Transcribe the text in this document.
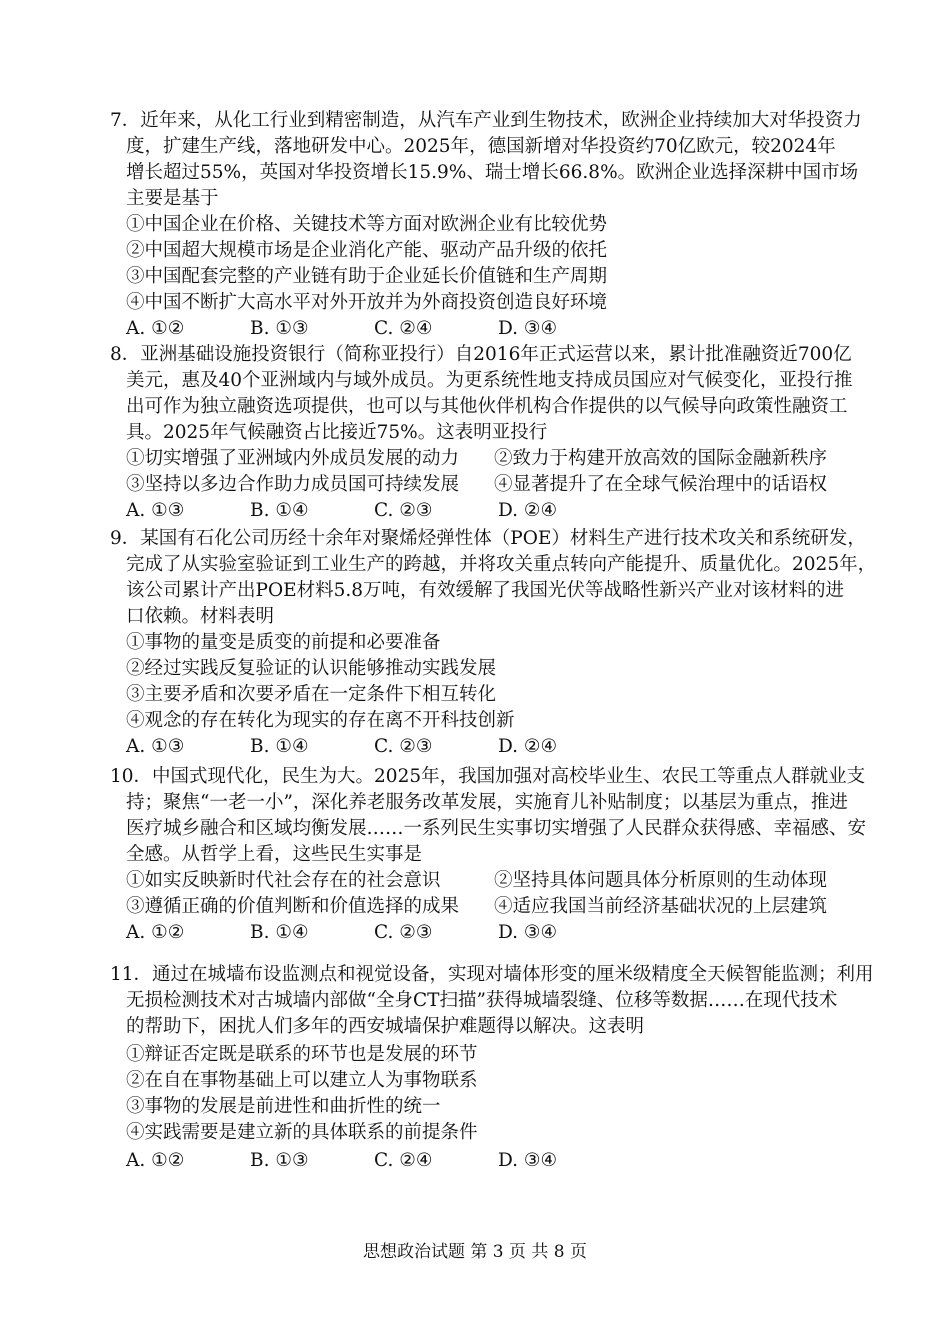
7．近年来，从化工行业到精密制造，从汽车产业到生物技术，欧洲企业持续加大对华投资力
度，扩建生产线，落地研发中心。2025年，德国新增对华投资约70亿欧元，较2024年
增长超过55%，英国对华投资增长15.9%、瑞士增长66.8%。欧洲企业选择深耕中国市场
主要是基于
①中国企业在价格、关键技术等方面对欧洲企业有比较优势
②中国超大规模市场是企业消化产能、驱动产品升级的依托
③中国配套完整的产业链有助于企业延长价值链和生产周期
④中国不断扩大高水平对外开放并为外商投资创造良好环境
A. ①②	B. ①③	C. ②④	D. ③④
8．亚洲基础设施投资银行（简称亚投行）自2016年正式运营以来，累计批准融资近700亿
美元，惠及40个亚洲域内与域外成员。为更系统性地支持成员国应对气候变化，亚投行推
出可作为独立融资选项提供，也可以与其他伙伴机构合作提供的以气候导向政策性融资工
具。2025年气候融资占比接近75%。这表明亚投行
①切实增强了亚洲域内外成员发展的动力 ②致力于构建开放高效的国际金融新秩序
③坚持以多边合作助力成员国可持续发展 ④显著提升了在全球气候治理中的话语权
A. ①③	B. ①④	C. ②③	D. ②④
9．某国有石化公司历经十余年对聚烯烃弹性体（POE）材料生产进行技术攻关和系统研发，
完成了从实验室验证到工业生产的跨越，并将攻关重点转向产能提升、质量优化。2025年，
该公司累计产出POE材料5.8万吨，有效缓解了我国光伏等战略性新兴产业对该材料的进
口依赖。材料表明
①事物的量变是质变的前提和必要准备
②经过实践反复验证的认识能够推动实践发展
③主要矛盾和次要矛盾在一定条件下相互转化
④观念的存在转化为现实的存在离不开科技创新
A. ①③	B. ①④	C. ②③	D. ②④
10．中国式现代化，民生为大。2025年，我国加强对高校毕业生、农民工等重点人群就业支
持；聚焦“一老一小”，深化养老服务改革发展，实施育儿补贴制度；以基层为重点，推进
医疗城乡融合和区域均衡发展……一系列民生实事切实增强了人民群众获得感、幸福感、安
全感。从哲学上看，这些民生实事是
①如实反映新时代社会存在的社会意识	②坚持具体问题具体分析原则的生动体现
③遵循正确的价值判断和价值选择的成果 ④适应我国当前经济基础状况的上层建筑
A. ①②	B. ①④	C. ②③	D. ③④
11．通过在城墙布设监测点和视觉设备，实现对墙体形变的厘米级精度全天候智能监测；利用
无损检测技术对古城墙内部做“全身CT扫描”获得城墙裂缝、位移等数据……在现代技术
的帮助下，困扰人们多年的西安城墙保护难题得以解决。这表明
①辩证否定既是联系的环节也是发展的环节
②在自在事物基础上可以建立人为事物联系
③事物的发展是前进性和曲折性的统一
④实践需要是建立新的具体联系的前提条件
A. ①②	B. ①③	C. ②④	D. ③④
思想政治试题 第 3 页 共 8 页
